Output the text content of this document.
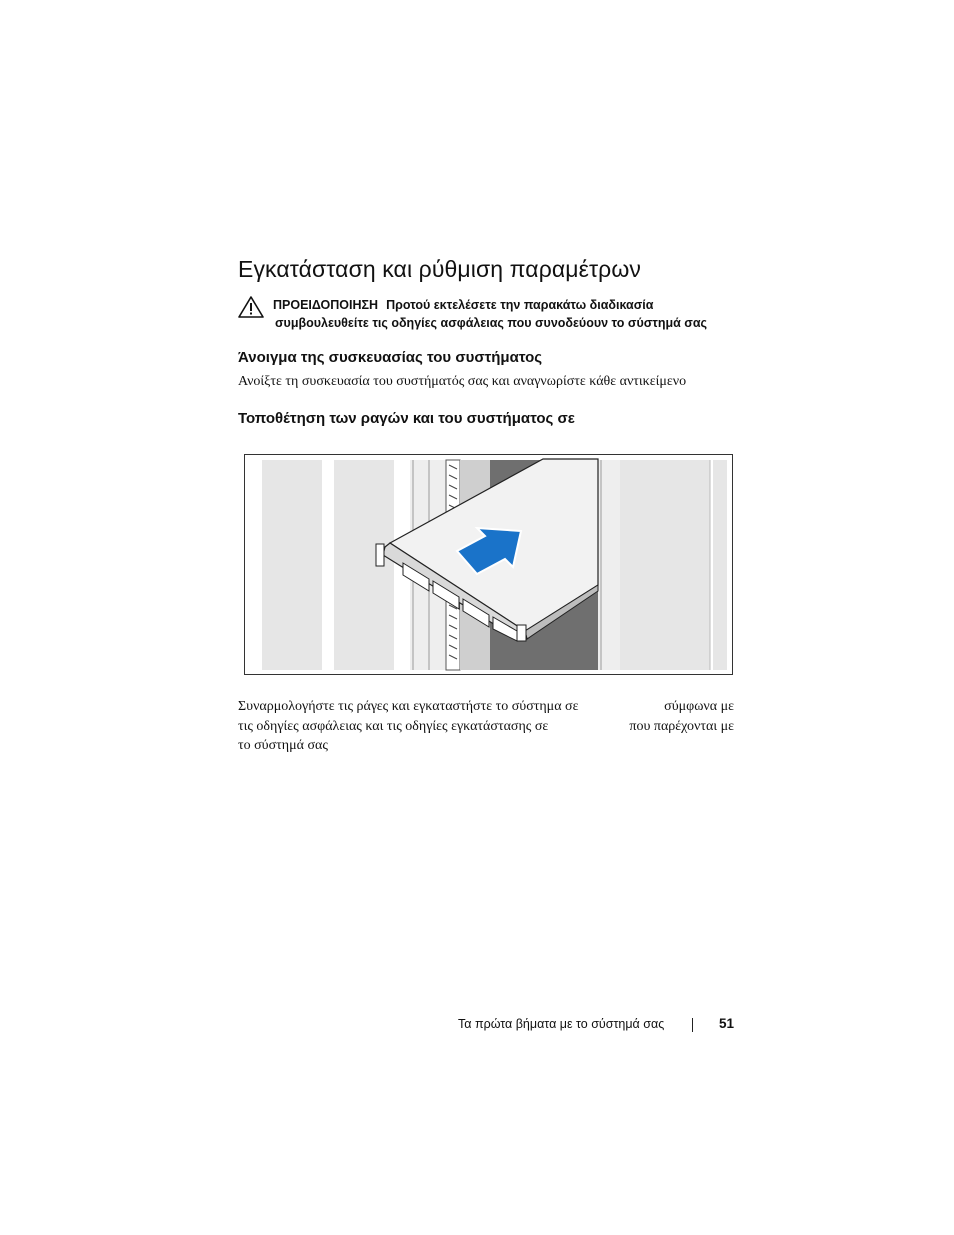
Εγκατάσταση και ρύθμιση παραμέτρων
ΠΡΟΕΙΔΟΠΟΙΗΣΗ Προτού εκτελέσετε την παρακάτω διαδικασία
συμβουλευθείτε τις οδηγίες ασφάλειας που συνοδεύουν το σύστημά σας
Άνοιγμα της συσκευασίας του συστήματος
Ανοίξτε τη συσκευασία του συστήματός σας και αναγνωρίστε κάθε αντικείμενο
Τοποθέτηση των ραγών και του συστήματος σε
Συναρμολογήστε τις ράγες και εγκαταστήστε το σύστημα σε	σύμφωνα με
τις οδηγίες ασφάλειας και τις οδηγίες εγκατάστασης σε	που παρέχονται με
το σύστημά σας
Τα πρώτα βήματα με το σύστημά σας	51
